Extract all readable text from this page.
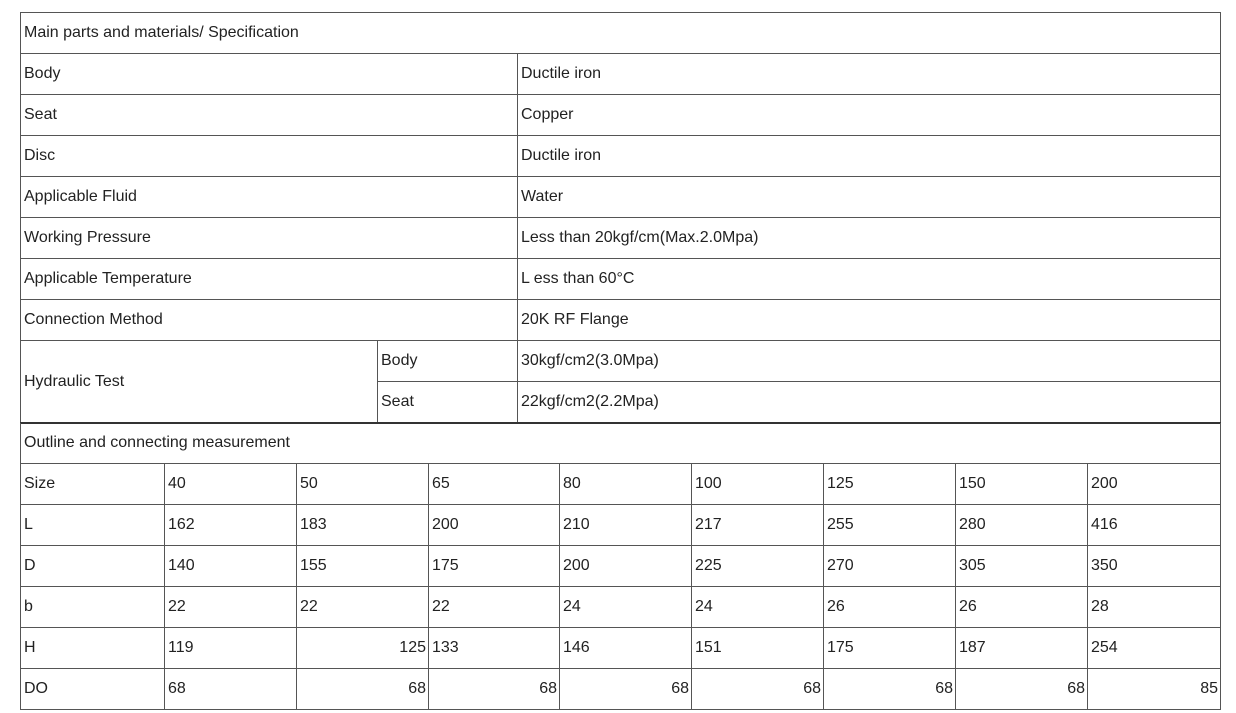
Main parts and materials/ Specification		
Body		Ductile iron
Seat		Copper
Disc		Ductile iron
Applicable Fluid		Water
Working Pressure		Less than 20kgf/cm(Max.2.0Mpa)
Applicable Temperature		L ess than 60°C
Connection Method		20K RF Flange
Hydraulic Test	Body	30kgf/cm2(3.0Mpa)
	Seat	22kgf/cm2(2.2Mpa)
Outline and connecting measurement								
Size	40	50	65	80	100	125	150	200
L	162	183	200	210	217	255	280	416
D	140	155	175	200	225	270	305	350
b	22	22	22	24	24	26	26	28
H	119	125	133	146	151	175	187	254
DO	68	68	68	68	68	68	68	85
